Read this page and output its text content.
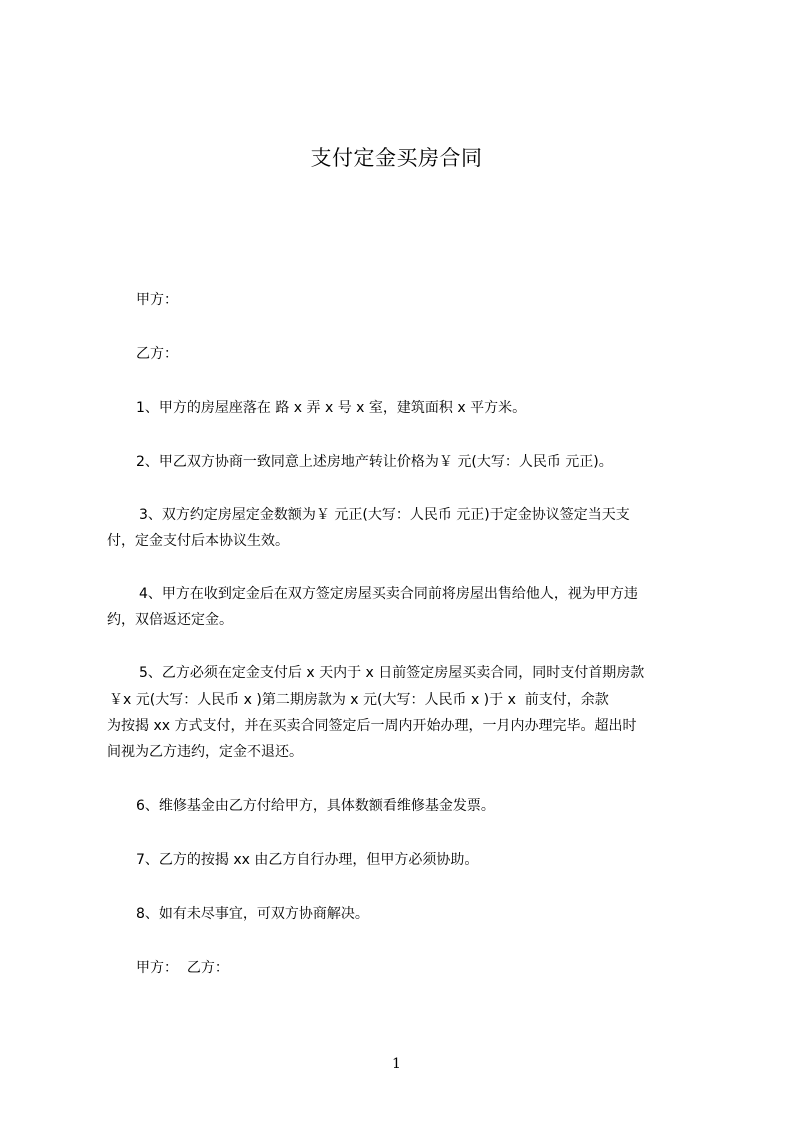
支付定金买房合同
甲方：
乙方：
1、甲方的房屋座落在 路 x 弄 x 号 x 室，建筑面积 x 平方米。
2、甲乙双方协商一致同意上述房地产转让价格为￥ 元(大写：人民币 元正)。
3、双方约定房屋定金数额为￥ 元正(大写：人民币 元正)于定金协议签定当天支
付，定金支付后本协议生效。
4、甲方在收到定金后在双方签定房屋买卖合同前将房屋出售给他人，视为甲方违
约，双倍返还定金。
5、乙方必须在定金支付后 x 天内于 x 日前签定房屋买卖合同，同时支付首期房款
￥x 元(大写：人民币 x )第二期房款为 x 元(大写：人民币 x )于 x  前支付，余款
为按揭 xx 方式支付，并在买卖合同签定后一周内开始办理，一月内办理完毕。超出时
间视为乙方违约，定金不退还。
6、维修基金由乙方付给甲方，具体数额看维修基金发票。
7、乙方的按揭 xx 由乙方自行办理，但甲方必须协助。
8、如有未尽事宜，可双方协商解决。
甲方：  乙方：
1
